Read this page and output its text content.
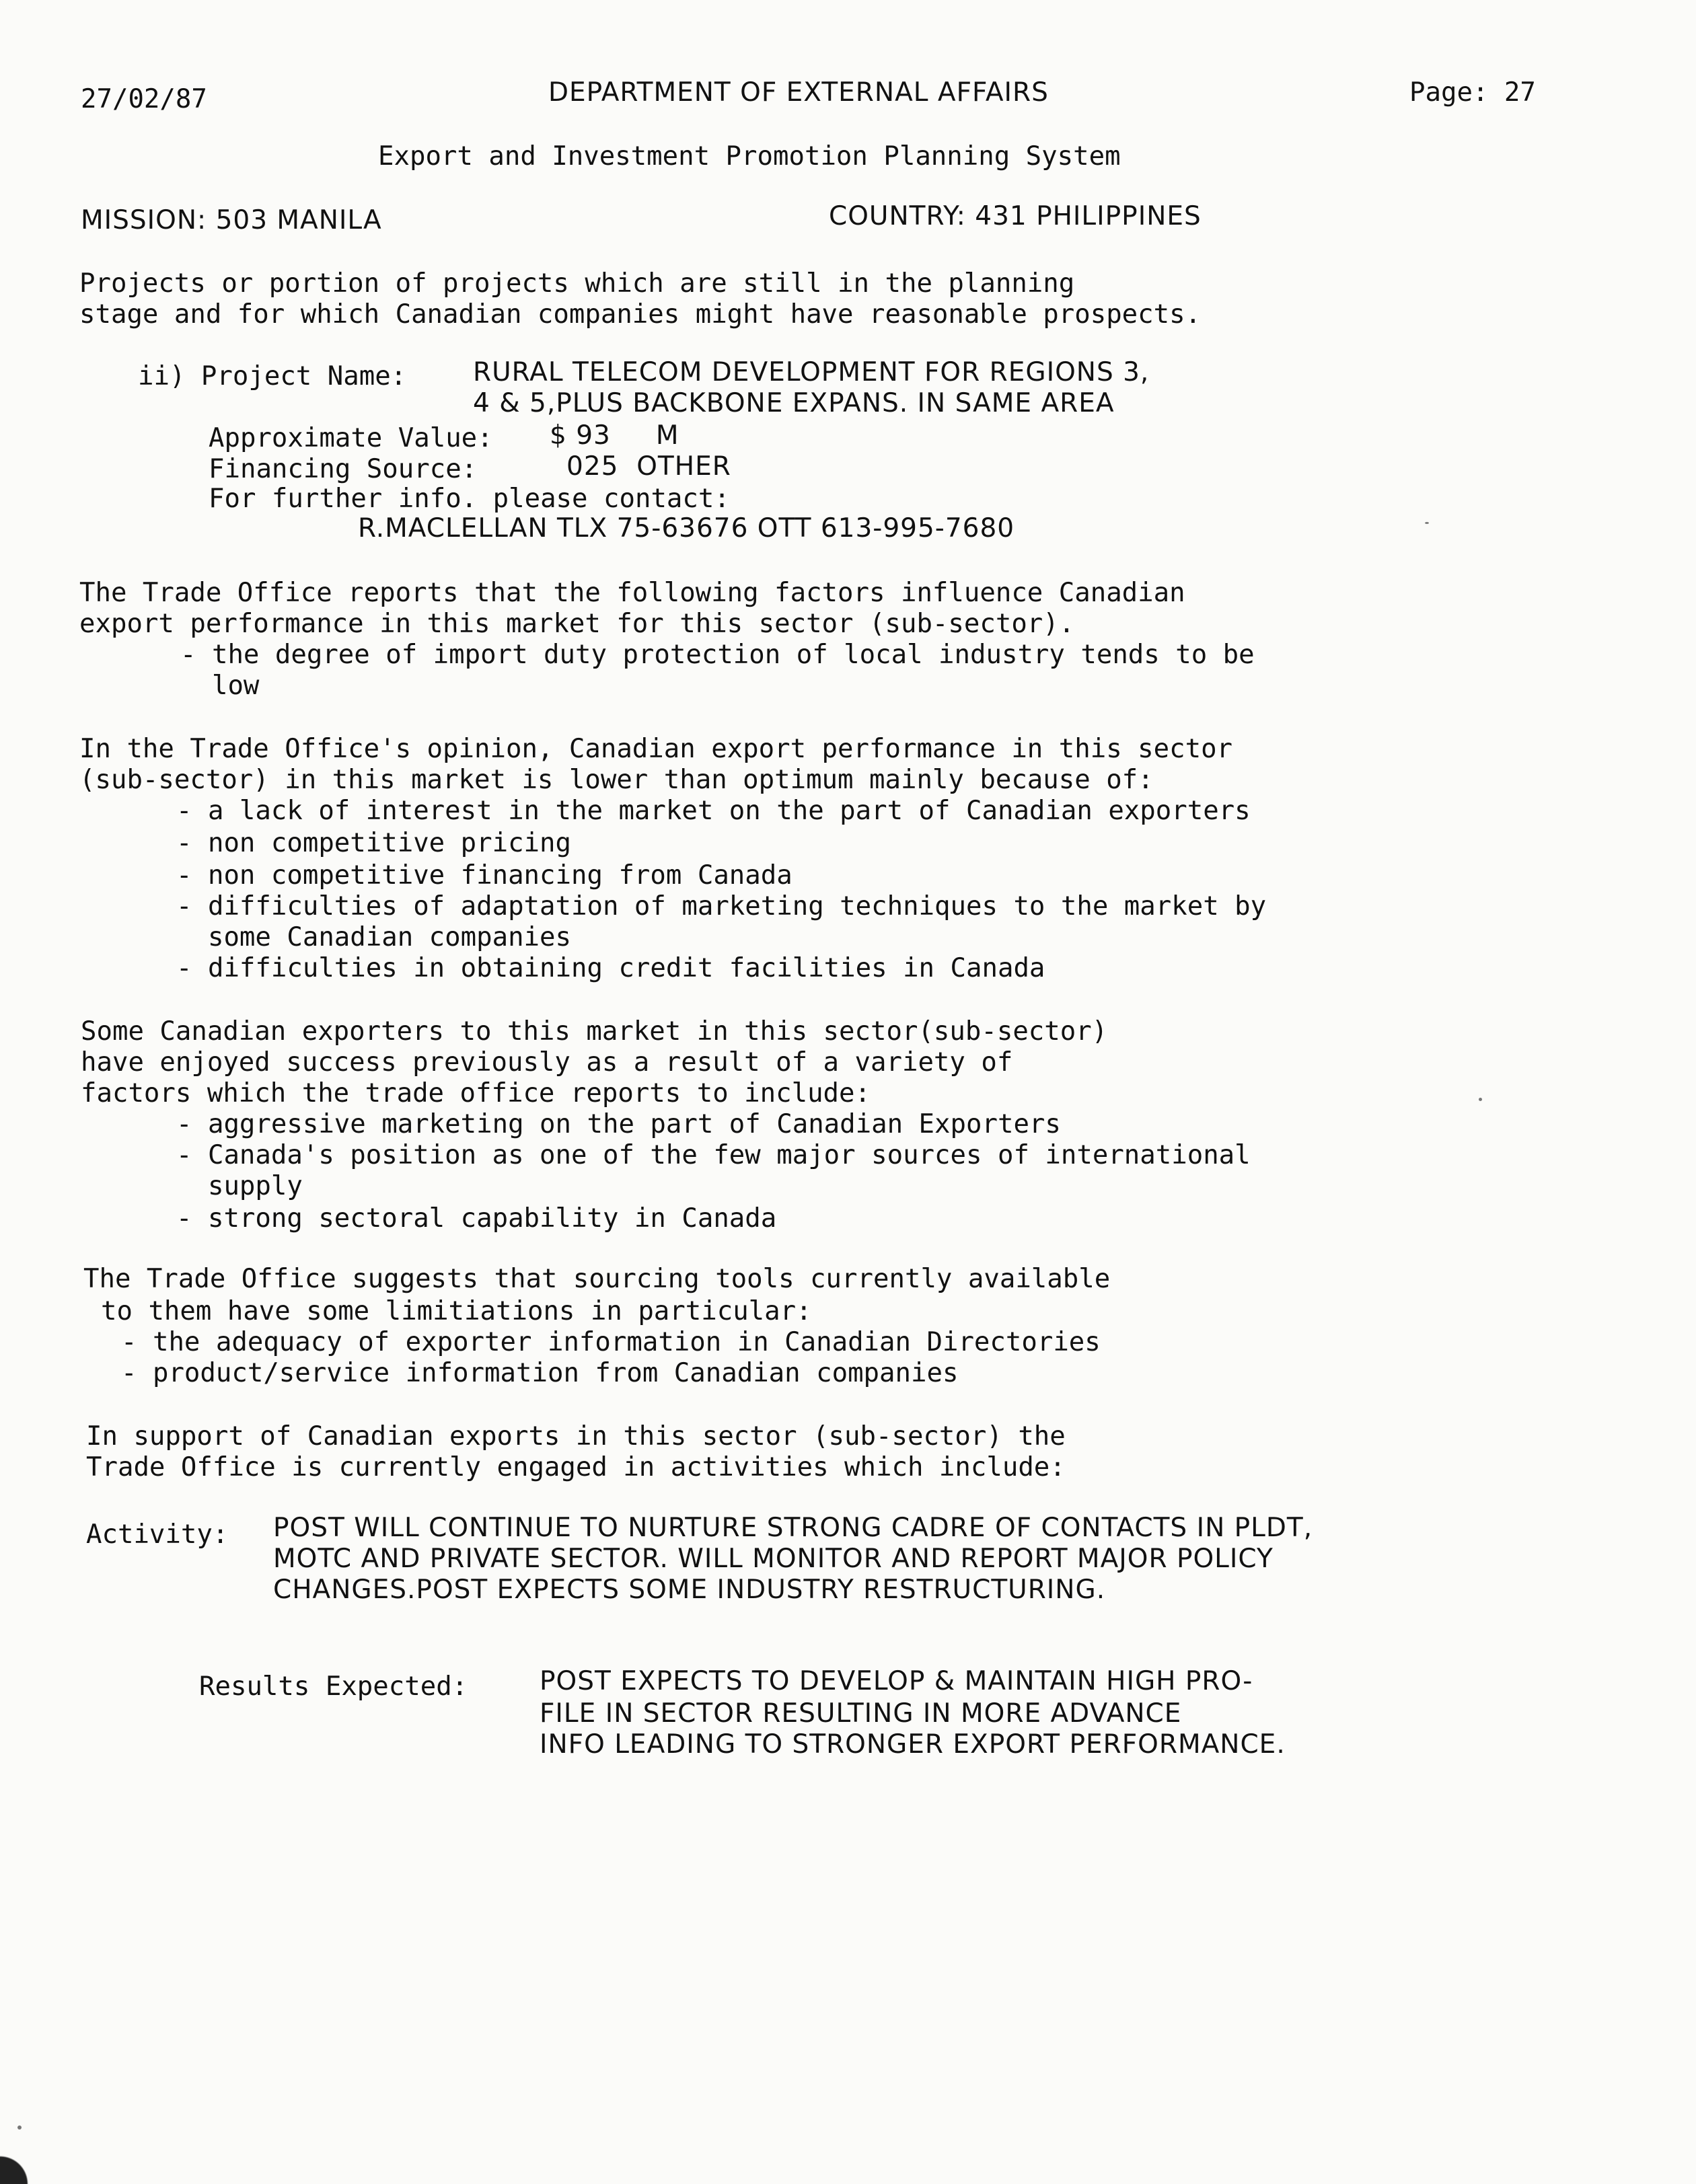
27/02/87	DEPARTMENT OF EXTERNAL AFFAIRS	Page: 27
Export and Investment Promotion Planning System
MISSION: 503 MANILA	COUNTRY: 431 PHILIPPINES
Projects or portion of projects which are still in the planning
stage and for which Canadian companies might have reasonable prospects.
ii) Project Name:	RURAL TELECOM DEVELOPMENT FOR REGIONS 3,
4 & 5,PLUS BACKBONE EXPANS. IN SAME AREA
Approximate Value: $ 93     M
Financing Source:	025  OTHER
For further info. please contact:
R.MACLELLAN TLX 75-63676 OTT 613-995-7680
The Trade Office reports that the following factors influence Canadian
export performance in this market for this sector (sub-sector).
- the degree of import duty protection of local industry tends to be
low
In the Trade Office's opinion, Canadian export performance in this sector
(sub-sector) in this market is lower than optimum mainly because of:
- a lack of interest in the market on the part of Canadian exporters
- non competitive pricing
- non competitive financing from Canada
- difficulties of adaptation of marketing techniques to the market by
some Canadian companies
- difficulties in obtaining credit facilities in Canada
Some Canadian exporters to this market in this sector(sub-sector)
have enjoyed success previously as a result of a variety of
factors which the trade office reports to include:
- aggressive marketing on the part of Canadian Exporters
- Canada's position as one of the few major sources of international
supply
- strong sectoral capability in Canada
The Trade Office suggests that sourcing tools currently available
to them have some limitiations in particular:
- the adequacy of exporter information in Canadian Directories
- product/service information from Canadian companies
In support of Canadian exports in this sector (sub-sector) the
Trade Office is currently engaged in activities which include:
Activity: POST WILL CONTINUE TO NURTURE STRONG CADRE OF CONTACTS IN PLDT,
MOTC AND PRIVATE SECTOR. WILL MONITOR AND REPORT MAJOR POLICY
CHANGES.POST EXPECTS SOME INDUSTRY RESTRUCTURING.
Results Expected:	POST EXPECTS TO DEVELOP & MAINTAIN HIGH PRO-
FILE IN SECTOR RESULTING IN MORE ADVANCE
INFO LEADING TO STRONGER EXPORT PERFORMANCE.
